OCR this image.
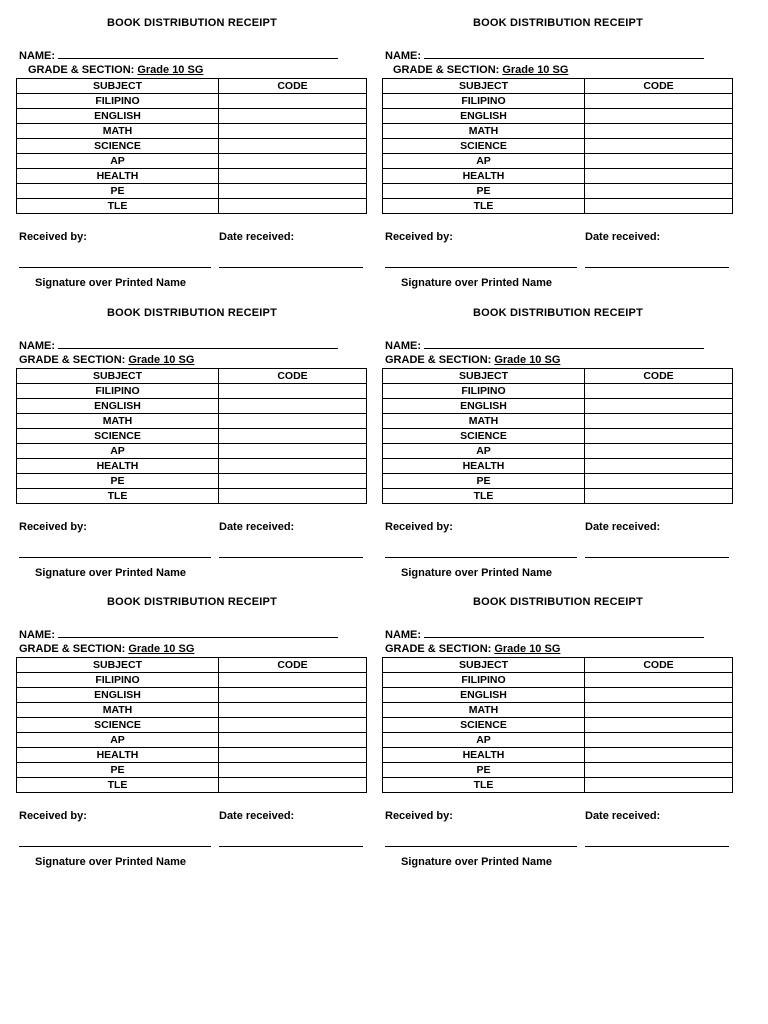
BOOK DISTRIBUTION RECEIPT
NAME:
GRADE & SECTION: Grade 10 SG
SUBJECT	CODE
FILIPINO	
ENGLISH	
MATH	
SCIENCE	
AP	
HEALTH	
PE	
TLE	
Received by:	Date received:
Signature over Printed Name
BOOK DISTRIBUTION RECEIPT
NAME:
GRADE & SECTION: Grade 10 SG
SUBJECT	CODE
FILIPINO	
ENGLISH	
MATH	
SCIENCE	
AP	
HEALTH	
PE	
TLE	
Received by:	Date received:
Signature over Printed Name
BOOK DISTRIBUTION RECEIPT
NAME:
GRADE & SECTION: Grade 10 SG
SUBJECT	CODE
FILIPINO	
ENGLISH	
MATH	
SCIENCE	
AP	
HEALTH	
PE	
TLE	
Received by:	Date received:
Signature over Printed Name
BOOK DISTRIBUTION RECEIPT
NAME:
GRADE & SECTION: Grade 10 SG
SUBJECT	CODE
FILIPINO	
ENGLISH	
MATH	
SCIENCE	
AP	
HEALTH	
PE	
TLE	
Received by:	Date received:
Signature over Printed Name
BOOK DISTRIBUTION RECEIPT
NAME:
GRADE & SECTION: Grade 10 SG
SUBJECT	CODE
FILIPINO	
ENGLISH	
MATH	
SCIENCE	
AP	
HEALTH	
PE	
TLE	
Received by:	Date received:
Signature over Printed Name
BOOK DISTRIBUTION RECEIPT
NAME:
GRADE & SECTION: Grade 10 SG
SUBJECT	CODE
FILIPINO	
ENGLISH	
MATH	
SCIENCE	
AP	
HEALTH	
PE	
TLE	
Received by:	Date received:
Signature over Printed Name
